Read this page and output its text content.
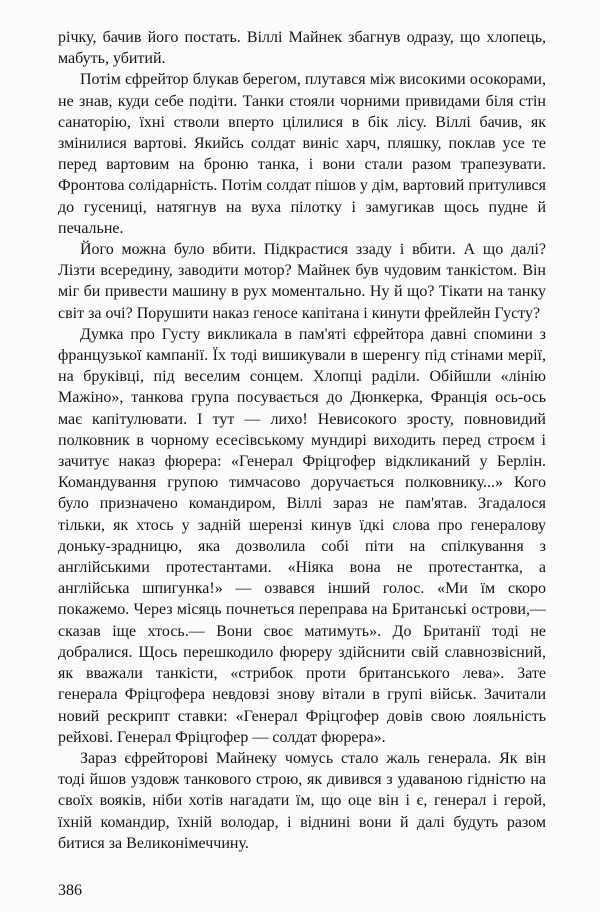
річку, бачив його постать. Віллі Майнек збагнув одразу, що хлопець, мабуть, убитий.

Потім єфрейтор блукав берегом, плутався між високими осокорами, не знав, куди себе подіти. Танки стояли чорними привидами біля стін санаторію, їхні стволи вперто цілилися в бік лісу. Віллі бачив, як змінилися вартові. Якийсь солдат виніс харч, пляшку, поклав усе те перед вартовим на броню танка, і вони стали разом трапезувати. Фронтова солідарність. Потім солдат пішов у дім, вартовий притулився до гусениці, натягнув на вуха пілотку і замугикав щось пудне й печальне.

Його можна було вбити. Підкрастися ззаду і вбити. А що далі? Лізти всередину, заводити мотор? Майнек був чудовим танкістом. Він міг би привести машину в рух моментально. Ну й що? Тікати на танку світ за очі? Порушити наказ геносе капітана і кинути фрейлейн Густу?

Думка про Густу викликала в пам'яті єфрейтора давні спомини з французької кампанії. Їх тоді вишикували в шеренгу під стінами мерії, на бруківці, під веселим сонцем. Хлопці раділи. Обійшли «лінію Мажіно», танкова група посувається до Дюнкерка, Франція ось-ось має капітулювати. І тут — лихо! Невисокого зросту, повновидий полковник в чорному есесівському мундирі виходить перед строєм і зачитує наказ фюрера: «Генерал Фріцгофер відкликаний у Берлін. Командування групою тимчасово доручається полковнику...» Кого було призначено командиром, Віллі зараз не пам'ятав. Згадалося тільки, як хтось у задній шерензі кинув їдкі слова про генералову доньку-зрадницю, яка дозволила собі піти на спілкування з англійськими протестантами. «Ніяка вона не протестантка, а англійська шпигунка!» — озвався інший голос. «Ми їм скоро покажемо. Через місяць почнеться переправа на Британські острови,— сказав іще хтось.— Вони своє матимуть». До Британії тоді не добралися. Щось перешкодило фюреру здійснити свій славнозвісний, як вважали танкісти, «стрибок проти британського лева». Зате генерала Фріцгофера невдовзі знову вітали в групі військ. Зачитали новий рескрипт ставки: «Генерал Фріцгофер довів свою лояльність рейхові. Генерал Фріцгофер — солдат фюрера».

Зараз єфрейторові Майнеку чомусь стало жаль генерала. Як він тоді йшов уздовж танкового строю, як дивився з удаваною гідністю на своїх вояків, ніби хотів нагадати їм, що оце він і є, генерал і герой, їхній командир, їхній володар, і віднині вони й далі будуть разом битися за Великонімеччину.

386
